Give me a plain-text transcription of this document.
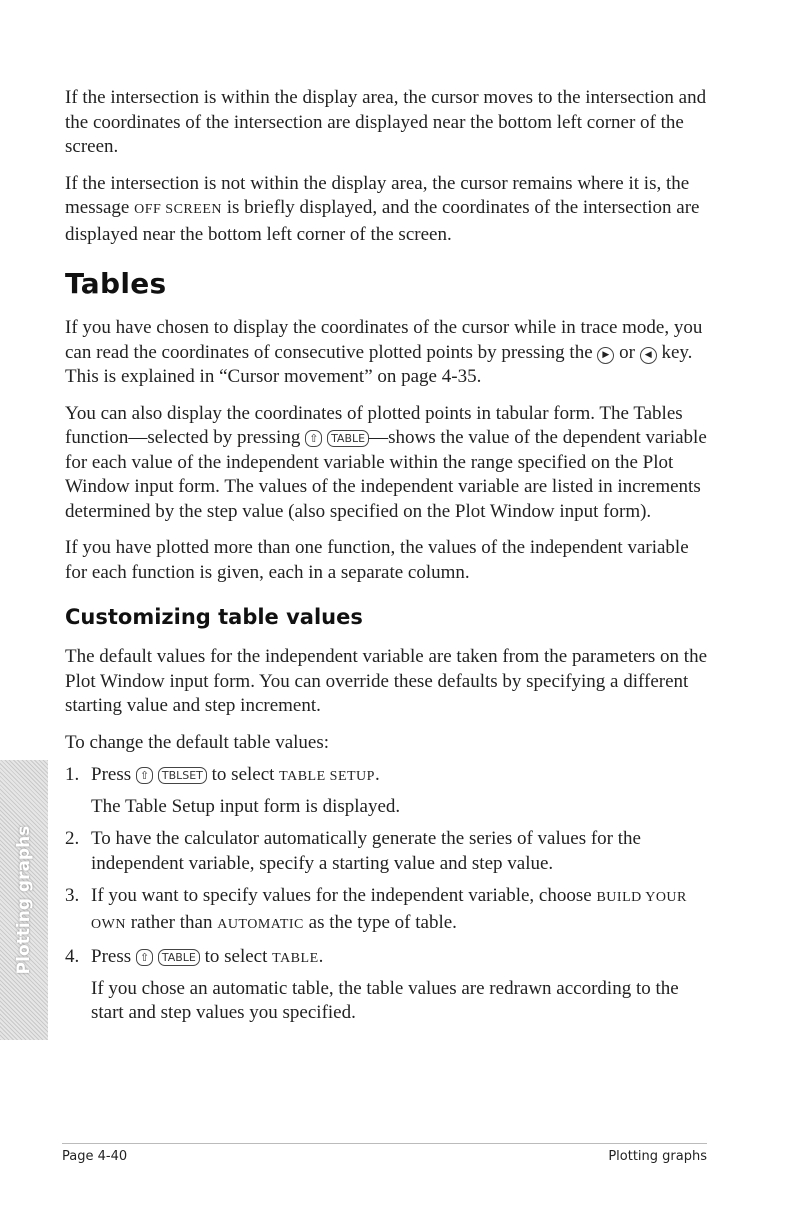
Plotting graphs

If the intersection is within the display area, the cursor moves to the intersection and the coordinates of the intersection are displayed near the bottom left corner of the screen.

If the intersection is not within the display area, the cursor remains where it is, the message OFF SCREEN is briefly displayed, and the coordinates of the intersection are displayed near the bottom left corner of the screen.

Tables

If you have chosen to display the coordinates of the cursor while in trace mode, you can read the coordinates of consecutive plotted points by pressing the ▶ or ◀ key. This is explained in “Cursor movement” on page 4-35.

You can also display the coordinates of plotted points in tabular form. The Tables function—selected by pressing ⇧ TABLE —shows the value of the dependent variable for each value of the independent variable within the range specified on the Plot Window input form. The values of the independent variable are listed in increments determined by the step value (also specified on the Plot Window input form).

If you have plotted more than one function, the values of the independent variable for each function is given, each in a separate column.

Customizing table values

The default values for the independent variable are taken from the parameters on the Plot Window input form. You can override these defaults by specifying a different starting value and step increment.

To change the default table values:

1. Press ⇧ TBLSET to select TABLE SETUP.
The Table Setup input form is displayed.
2. To have the calculator automatically generate the series of values for the independent variable, specify a starting value and step value.
3. If you want to specify values for the independent variable, choose BUILD YOUR OWN rather than AUTOMATIC as the type of table.
4. Press ⇧ TABLE to select TABLE.
If you chose an automatic table, the table values are redrawn according to the start and step values you specified.
Page 4-40	Plotting graphs
